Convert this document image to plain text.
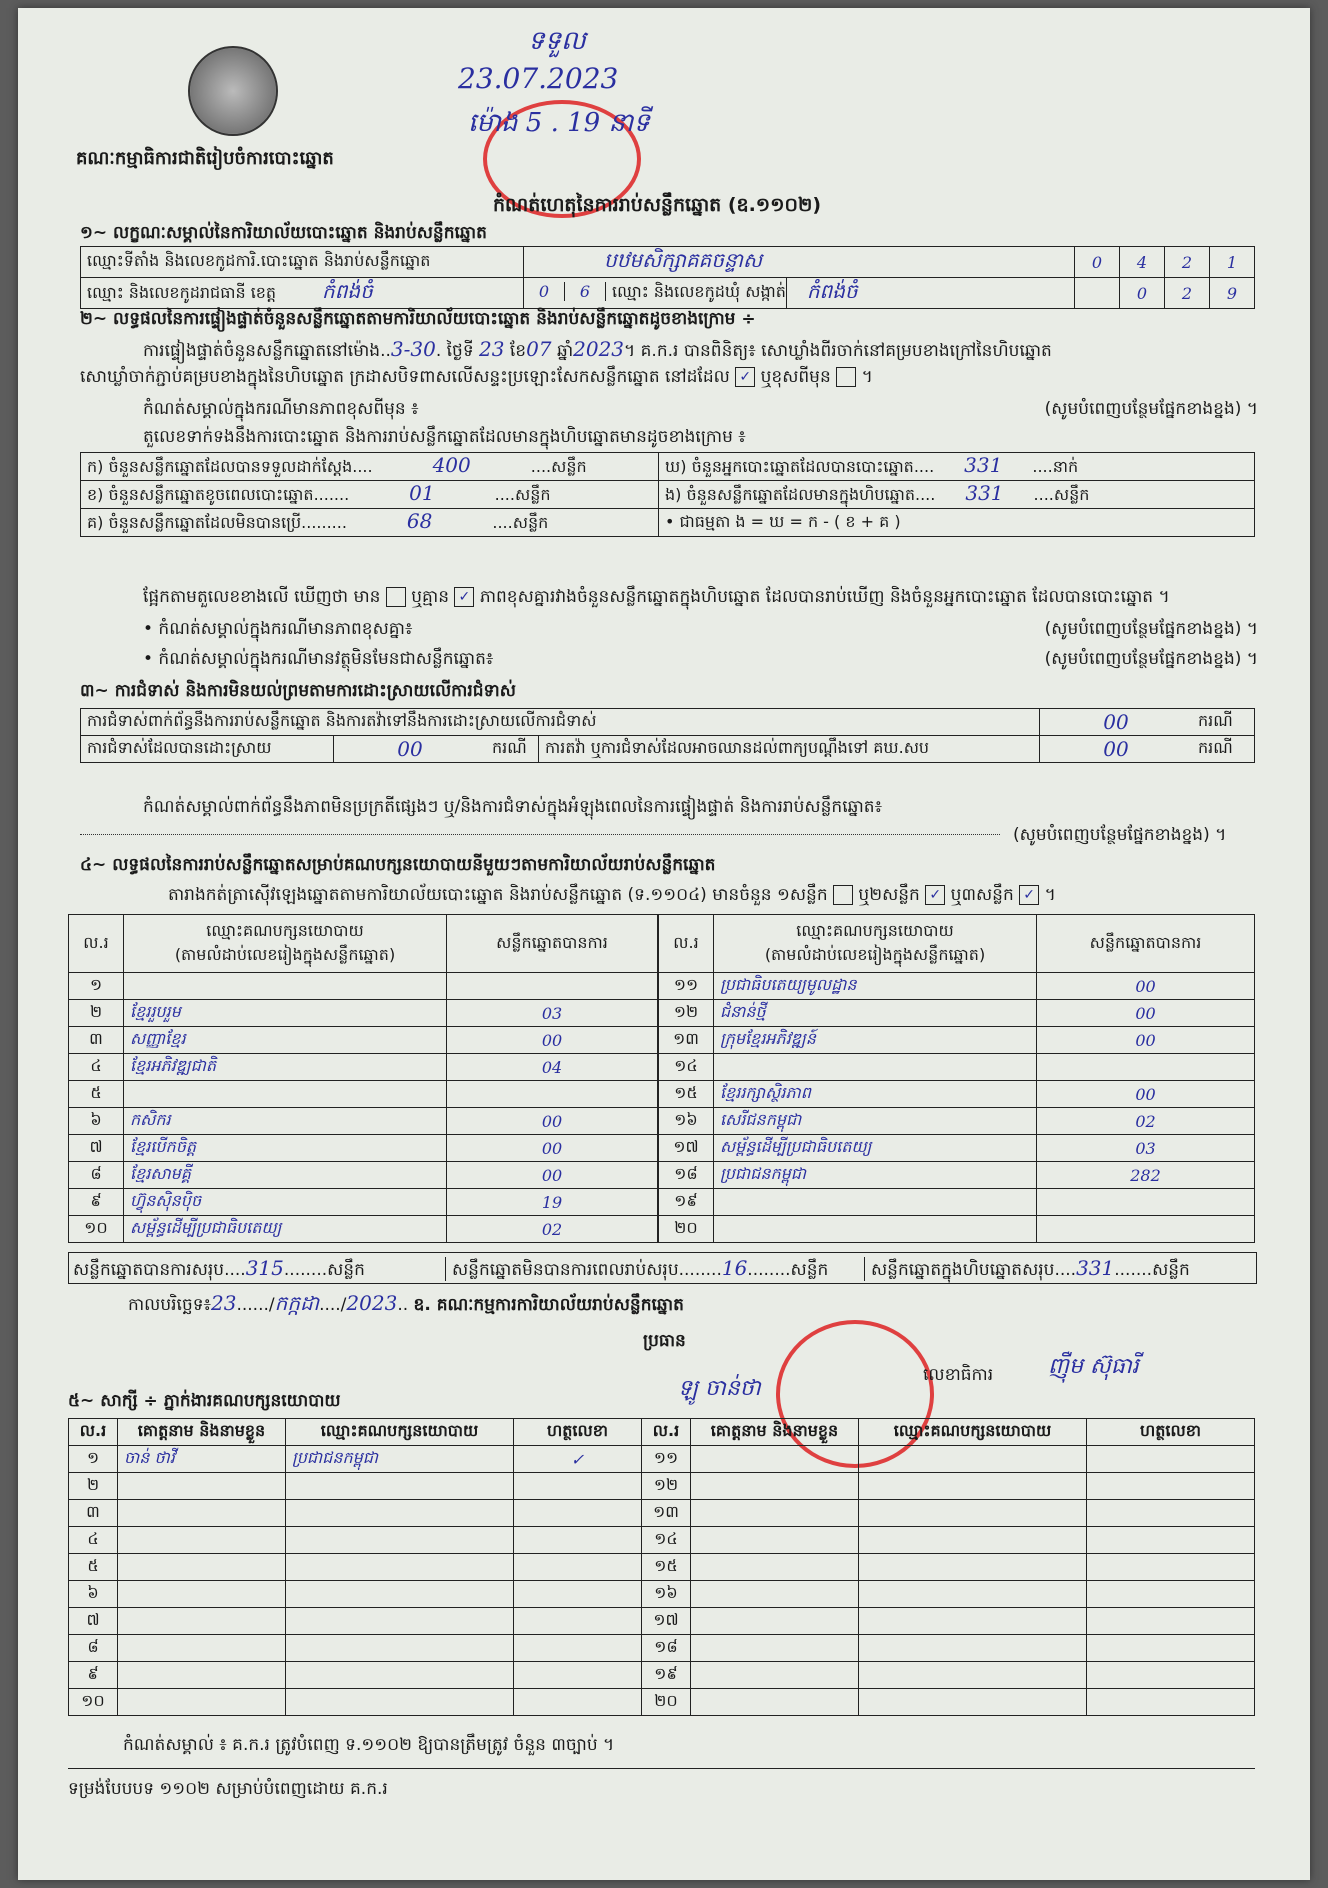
គណៈកម្មាធិការជាតិរៀបចំការបោះឆ្នោត
ទទួល
23.07.2023
ម៉ោង 5 . 19 នាទី
កំណត់ហេតុនៃការរាប់សន្លឹកឆ្នោត (ឧ.១១០២)
១~ លក្ខណៈសម្គាល់នៃការិយាល័យបោះឆ្នោត និងរាប់សន្លឹកឆ្នោត
ឈ្មោះទីតាំង និងលេខកូដការិ.បោះឆ្នោត និងរាប់សន្លឹកឆ្នោត	បឋមសិក្សាគគចន្ទាស		0	4	2	1
ឈ្មោះ និងលេខកូដរាជធានី ខេត្ត កំពង់ចំ	0 6 ឈ្មោះ និងលេខកូដឃុំ សង្កាត់	កំពង់ចំ		0	2	9
២~ លទ្ធផលនៃការផ្ទៀងផ្ទាត់ចំនួនសន្លឹកឆ្នោតតាមការិយាល័យបោះឆ្នោត និងរាប់សន្លឹកឆ្នោតដូចខាងក្រោម ÷
ការផ្ទៀងផ្ទាត់ចំនួនសន្លឹកឆ្នោតនៅម៉ោង..3-30. ថ្ងៃទី 23 ខែ07 ឆ្នាំ2023។ គ.ក.រ បានពិនិត្យ៖ សោឃ្លាំងពីរចាក់នៅគម្របខាងក្រៅនៃហិបឆ្នោត
សោឃ្លាំចាក់ភ្ជាប់គម្របខាងក្នុងនៃហិបឆ្នោត ក្រដាសបិទពាសលើសន្ទះប្រឡោះសែកសន្លឹកឆ្នោត នៅដដែល ✓ ឬខុសពីមុន ។
កំណត់សម្គាល់ក្នុងករណីមានភាពខុសពីមុន ៖	(សូមបំពេញបន្ថែមផ្នែកខាងខ្នង) ។
តួលេខទាក់ទងនឹងការបោះឆ្នោត និងការរាប់សន្លឹកឆ្នោតដែលមានក្នុងហិបឆ្នោតមានដូចខាងក្រោម ៖
ក) ចំនួនសន្លឹកឆ្នោតដែលបានទទួលដាក់ស្តែង.... 400 ....សន្លឹក	ឃ) ចំនួនអ្នកបោះឆ្នោតដែលបានបោះឆ្នោត.... 331 ....នាក់
ខ) ចំនួនសន្លឹកឆ្នោតខូចពេលបោះឆ្នោត....... 01 ....សន្លឹក	ង) ចំនួនសន្លឹកឆ្នោតដែលមានក្នុងហិបឆ្នោត.... 331 ....សន្លឹក
គ) ចំនួនសន្លឹកឆ្នោតដែលមិនបានប្រើ......... 68 ....សន្លឹក	• ជាធម្មតា ង = ឃ = ក - ( ខ + គ )
ផ្អែកតាមតួលេខខាងលើ ឃើញថា មាន ឬគ្មាន ✓ ភាពខុសគ្នារវាងចំនួនសន្លឹកឆ្នោតក្នុងហិបឆ្នោត ដែលបានរាប់ឃើញ និងចំនួនអ្នកបោះឆ្នោត ដែលបានបោះឆ្នោត ។
• កំណត់សម្គាល់ក្នុងករណីមានភាពខុសគ្នា៖	(សូមបំពេញបន្ថែមផ្នែកខាងខ្នង) ។
• កំណត់សម្គាល់ក្នុងករណីមានវត្ថុមិនមែនជាសន្លឹកឆ្នោត៖	(សូមបំពេញបន្ថែមផ្នែកខាងខ្នង) ។
៣~ ការជំទាស់ និងការមិនយល់ព្រមតាមការដោះស្រាយលើការជំទាស់
ការជំទាស់ពាក់ព័ន្ធនឹងការរាប់សន្លឹកឆ្នោត និងការតវ៉ាទៅនឹងការដោះស្រាយលើការជំទាស់				00	ករណី
ការជំទាស់ដែលបានដោះស្រាយ	00	ករណី	ការតវ៉ា ឬការជំទាស់ដែលអាចឈានដល់ពាក្យបណ្តឹងទៅ គឃ.សប	00	ករណី
កំណត់សម្គាល់ពាក់ព័ន្ធនឹងភាពមិនប្រក្រតីផ្សេងៗ ឬ/និងការជំទាស់ក្នុងអំឡុងពេលនៃការផ្ទៀងផ្ទាត់ និងការរាប់សន្លឹកឆ្នោត៖
(សូមបំពេញបន្ថែមផ្នែកខាងខ្នង) ។
៤~ លទ្ធផលនៃការរាប់សន្លឹកឆ្នោតសម្រាប់គណបក្សនយោបាយនីមួយៗតាមការិយាល័យរាប់សន្លឹកឆ្នោត
តារាងកត់ត្រាស៊ើវឡេងឆ្នោតតាមការិយាល័យបោះឆ្នោត និងរាប់សន្លឹកឆ្នោត (ទ.១១០៤) មានចំនួន ១សន្លឹក ឬ២សន្លឹក ✓ ឬ៣សន្លឹក ✓ ។
ល.រ	ឈ្មោះគណបក្សនយោបាយ
(តាមលំដាប់លេខរៀងក្នុងសន្លឹកឆ្នោត)	សន្លឹកឆ្នោតបានការ
១		
២	ខ្មែររួបរួម	03
៣	សញ្ញាខ្មែរ	00
៤	ខ្មែរអភិវឌ្ឍជាតិ	04
៥		
៦	កសិករ	00
៧	ខ្មែរបើកចិត្ត	00
៨	ខ្មែរសាមគ្គី	00
៩	ហ៊្វុនស៊ិនប៉ិច	19
១០	សម្ព័ន្ធដើម្បីប្រជាធិបតេយ្យ	02
ល.រ	ឈ្មោះគណបក្សនយោបាយ
(តាមលំដាប់លេខរៀងក្នុងសន្លឹកឆ្នោត)	សន្លឹកឆ្នោតបានការ
១១	ប្រជាធិបតេយ្យមូលដ្ឋាន	00
១២	ជំនាន់ថ្មី	00
១៣	ក្រុមខ្មែរអភិវឌ្ឍន៍	00
១៤		
១៥	ខ្មែររក្សាស្ថិរភាព	00
១៦	សេរីជនកម្ពុជា	02
១៧	សម្ព័ន្ធដើម្បីប្រជាធិបតេយ្យ	03
១៨	ប្រជាជនកម្ពុជា	282
១៩		
២០		
សន្លឹកឆ្នោតបានការសរុប....315........សន្លឹក	សន្លឹកឆ្នោតមិនបានការពេលរាប់សរុប........16........សន្លឹក	សន្លឹកឆ្នោតក្នុងហិបឆ្នោតសរុប....331.......សន្លឹក
កាលបរិច្ឆេទ៖23....../កក្កដា..../2023.. ឧ. គណៈកម្មការការិយាល័យរាប់សន្លឹកឆ្នោត
ប្រធាន
ឡូ ចាន់ថា
លេខាធិការ ញ៉ឺម ស៊ុធារី
៥~ សាក្សី ÷ ភ្នាក់ងារគណបក្សនយោបាយ
ល.រ	គោត្តនាម និងនាមខ្លួន	ឈ្មោះគណបក្សនយោបាយ	ហត្ថលេខា	ល.រ	គោត្តនាម និងនាមខ្លួន	ឈ្មោះគណបក្សនយោបាយ	ហត្ថលេខា
១	ចាន់ ថាវី	ប្រជាជនកម្ពុជា	✓	១១			
២				១២			
៣				១៣			
៤				១៤			
៥				១៥			
៦				១៦			
៧				១៧			
៨				១៨			
៩				១៩			
១០				២០			
កំណត់សម្គាល់ ៖ គ.ក.រ ត្រូវបំពេញ ទ.១១០២ ឱ្យបានត្រឹមត្រូវ ចំនួន ៣ច្បាប់ ។
ទម្រង់បែបបទ ១១០២ សម្រាប់បំពេញដោយ គ.ក.រ
